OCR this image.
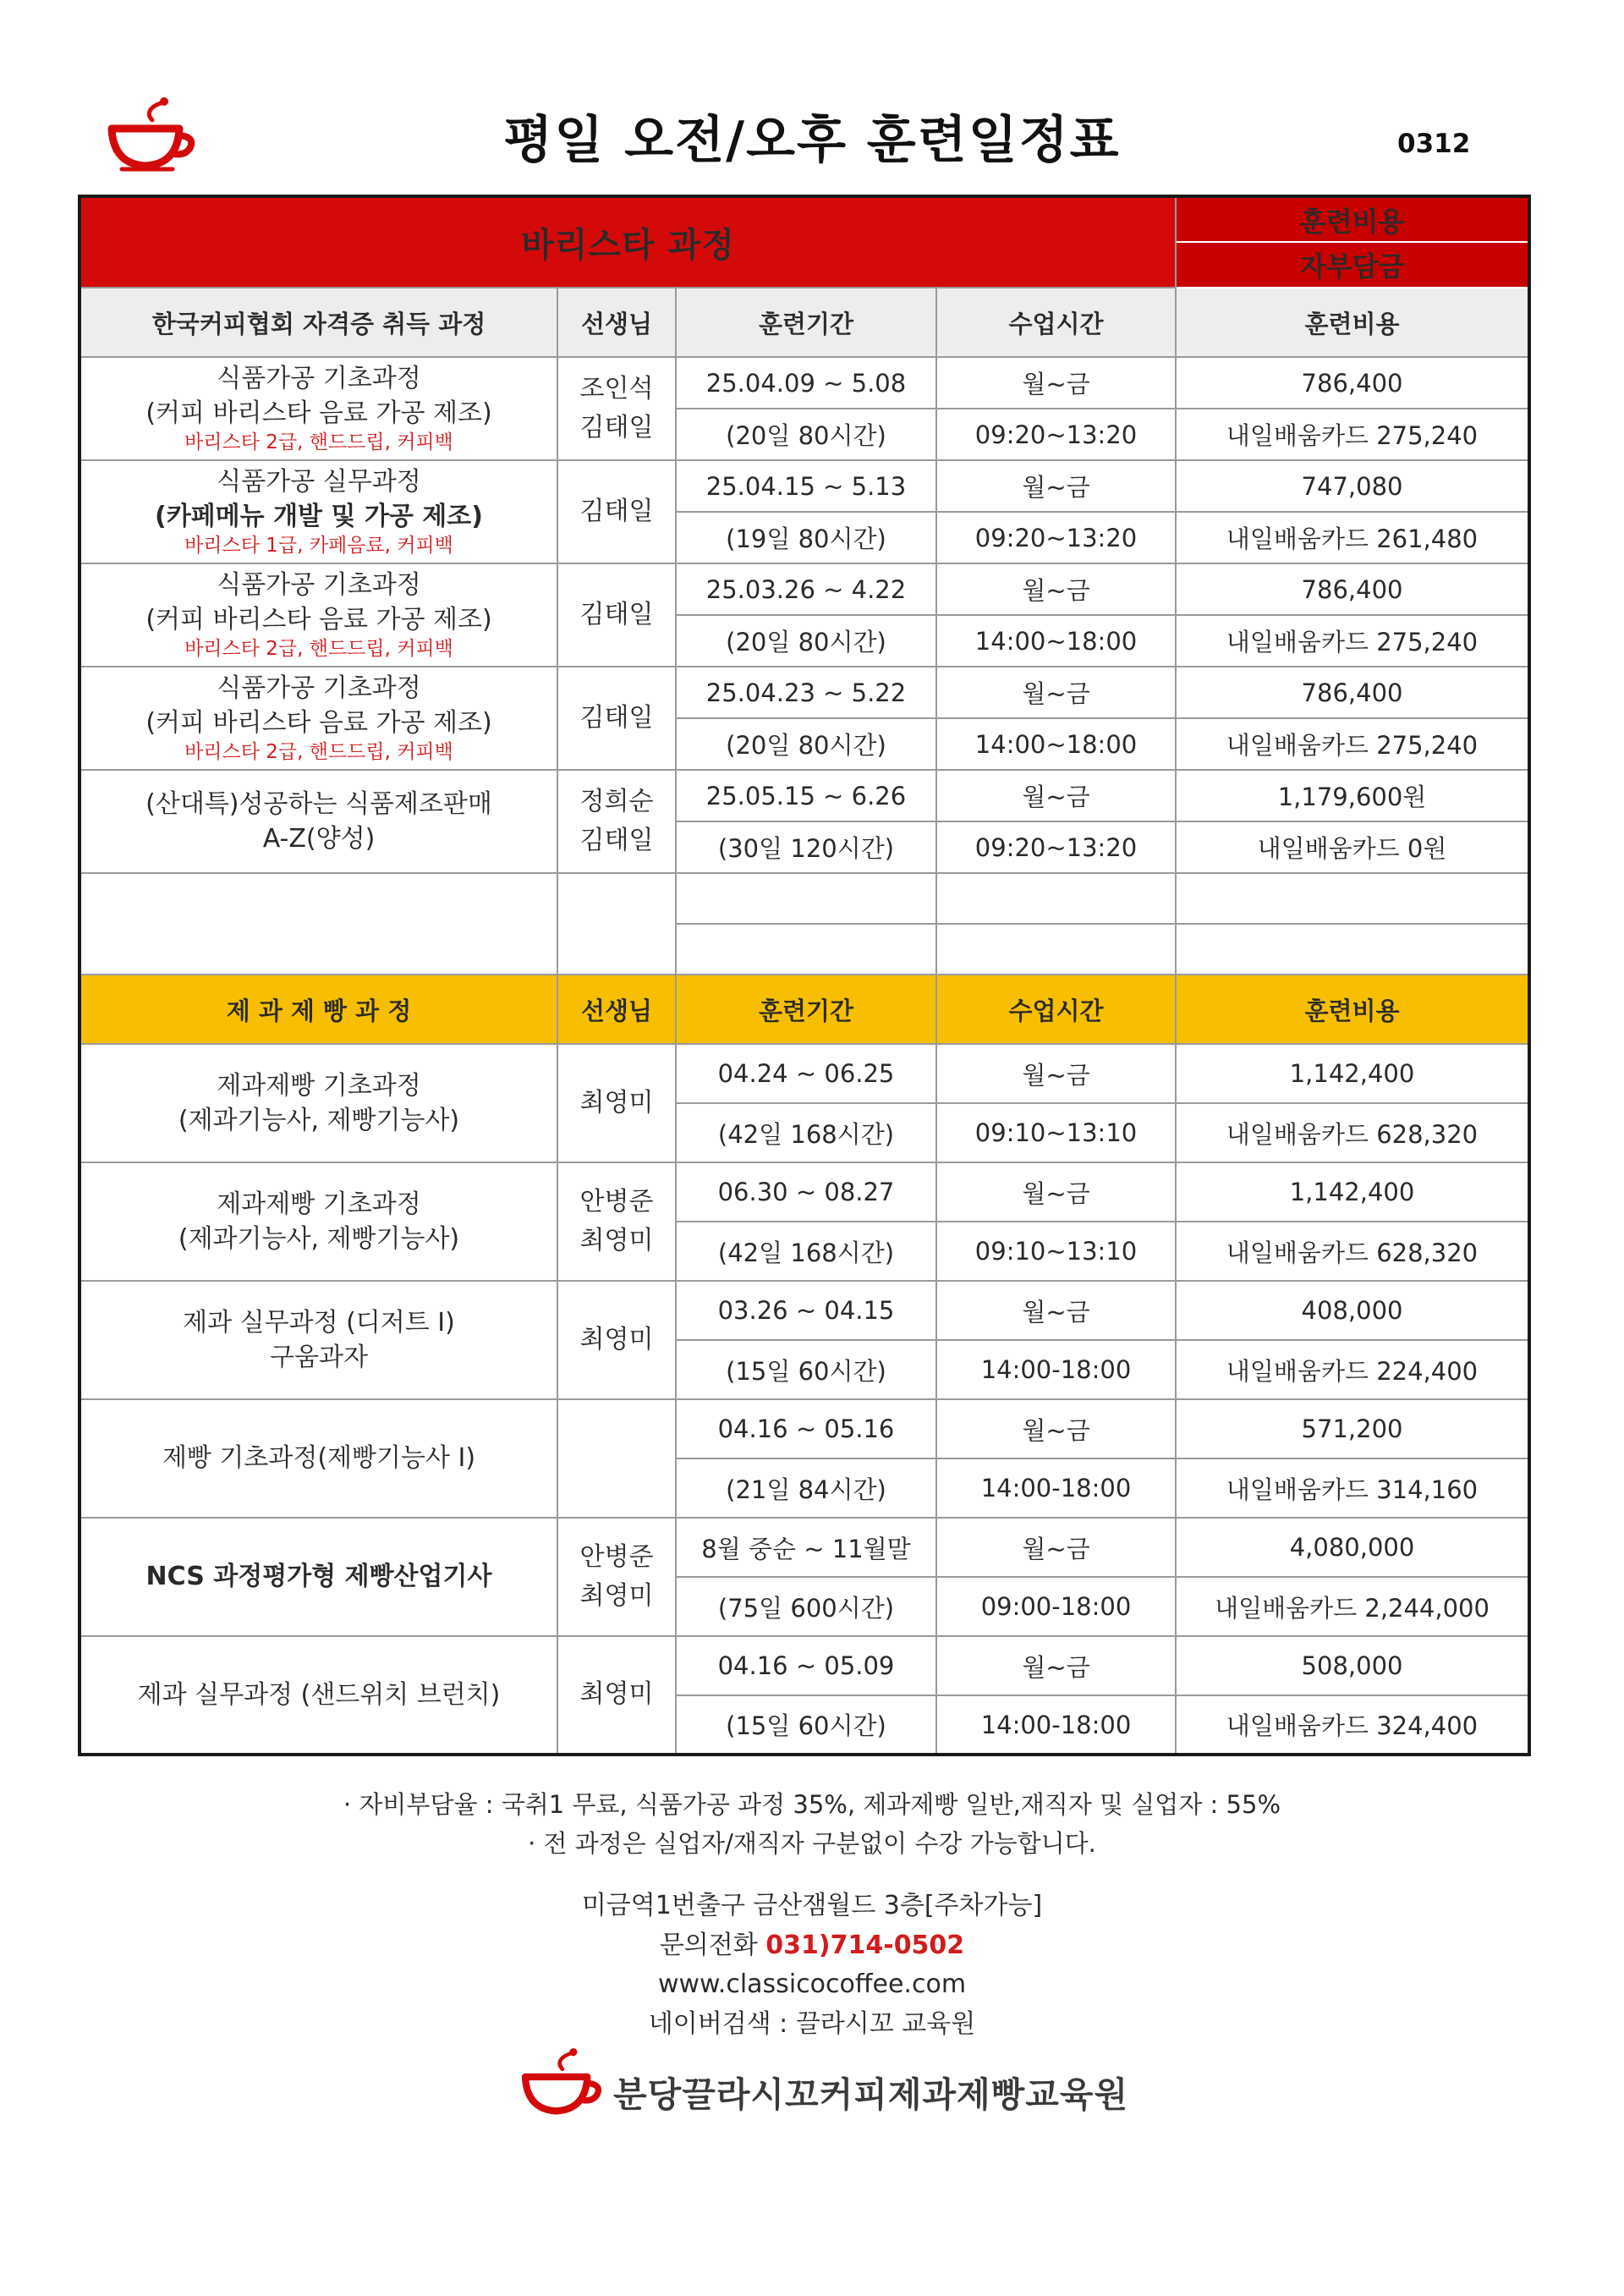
평일 오전/오후 훈련일정표	0312
바리스타 과정				훈련비용
				자부담금
한국커피협회 자격증 취득 과정	선생님	훈련기간	수업시간	훈련비용

식품가공 기초과정
(커피 바리스타 음료 가공 제조)
바리스타 2급, 핸드드립, 커피백	조인석
김태일	25.04.09 ~ 5.08	월~금	786,400
		(20일 80시간)	09:20~13:20	내일배움카드 275,240

식품가공 실무과정
(카페메뉴 개발 및 가공 제조)
바리스타 1급, 카페음료, 커피백	김태일	25.04.15 ~ 5.13	월~금	747,080
		(19일 80시간)	09:20~13:20	내일배움카드 261,480

식품가공 기초과정
(커피 바리스타 음료 가공 제조)
바리스타 2급, 핸드드립, 커피백	김태일	25.03.26 ~ 4.22	월~금	786,400
		(20일 80시간)	14:00~18:00	내일배움카드 275,240

식품가공 기초과정
(커피 바리스타 음료 가공 제조)
바리스타 2급, 핸드드립, 커피백	김태일	25.04.23 ~ 5.22	월~금	786,400
		(20일 80시간)	14:00~18:00	내일배움카드 275,240

(산대특)성공하는 식품제조판매
A-Z(양성)	정희순
김태일	25.05.15 ~ 6.26	월~금	1,179,600원
		(30일 120시간)	09:20~13:20	내일배움카드 0원

제 과 제 빵 과 정	선생님	훈련기간	수업시간	훈련비용

제과제빵 기초과정
(제과기능사, 제빵기능사)	최영미	04.24 ~ 06.25	월~금	1,142,400
		(42일 168시간)	09:10~13:10	내일배움카드 628,320

제과제빵 기초과정
(제과기능사, 제빵기능사)	안병준
최영미	06.30 ~ 08.27	월~금	1,142,400
		(42일 168시간)	09:10~13:10	내일배움카드 628,320

제과 실무과정 (디저트 I)
구움과자	최영미	03.26 ~ 04.15	월~금	408,000
		(15일 60시간)	14:00-18:00	내일배움카드 224,400

제빵 기초과정(제빵기능사 I)		04.16 ~ 05.16	월~금	571,200
		(21일 84시간)	14:00-18:00	내일배움카드 314,160

NCS 과정평가형 제빵산업기사	안병준
최영미	8월 중순 ~ 11월말	월~금	4,080,000
		(75일 600시간)	09:00-18:00	내일배움카드 2,244,000

제과 실무과정 (샌드위치 브런치)	최영미	04.16 ~ 05.09	월~금	508,000
		(15일 60시간)	14:00-18:00	내일배움카드 324,400
· 자비부담율 : 국취1 무료, 식품가공 과정 35%, 제과제빵 일반,재직자 및 실업자 : 55%
· 전 과정은 실업자/재직자 구분없이 수강 가능합니다.
미금역1번출구 금산잼월드 3층[주차가능]
문의전화 031)714-0502
www.classicocoffee.com
네이버검색 : 끌라시꼬 교육원
분당끌라시꼬커피제과제빵교육원
